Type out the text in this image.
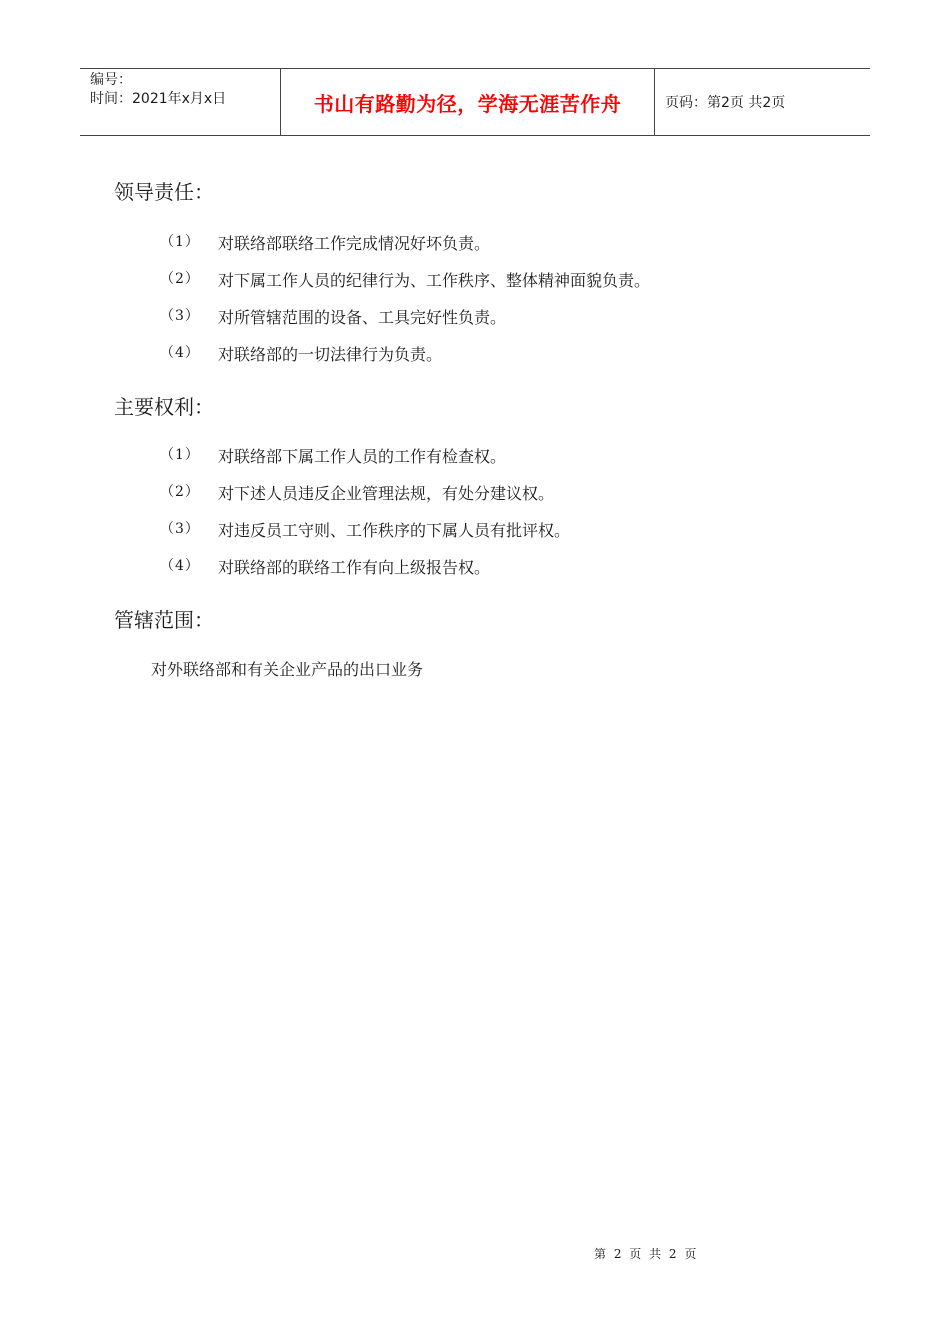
编号：
时间：2021年x月x日	书山有路勤为径，学海无涯苦作舟	页码：第2页 共2页
领导责任：
（1）	对联络部联络工作完成情况好坏负责。
（2）	对下属工作人员的纪律行为、工作秩序、整体精神面貌负责。
（3）	对所管辖范围的设备、工具完好性负责。
（4）	对联络部的一切法律行为负责。
主要权利：
（1）	对联络部下属工作人员的工作有检查权。
（2）	对下述人员违反企业管理法规，有处分建议权。
（3）	对违反员工守则、工作秩序的下属人员有批评权。
（4）	对联络部的联络工作有向上级报告权。
管辖范围：
对外联络部和有关企业产品的出口业务
第 2 页 共 2 页
